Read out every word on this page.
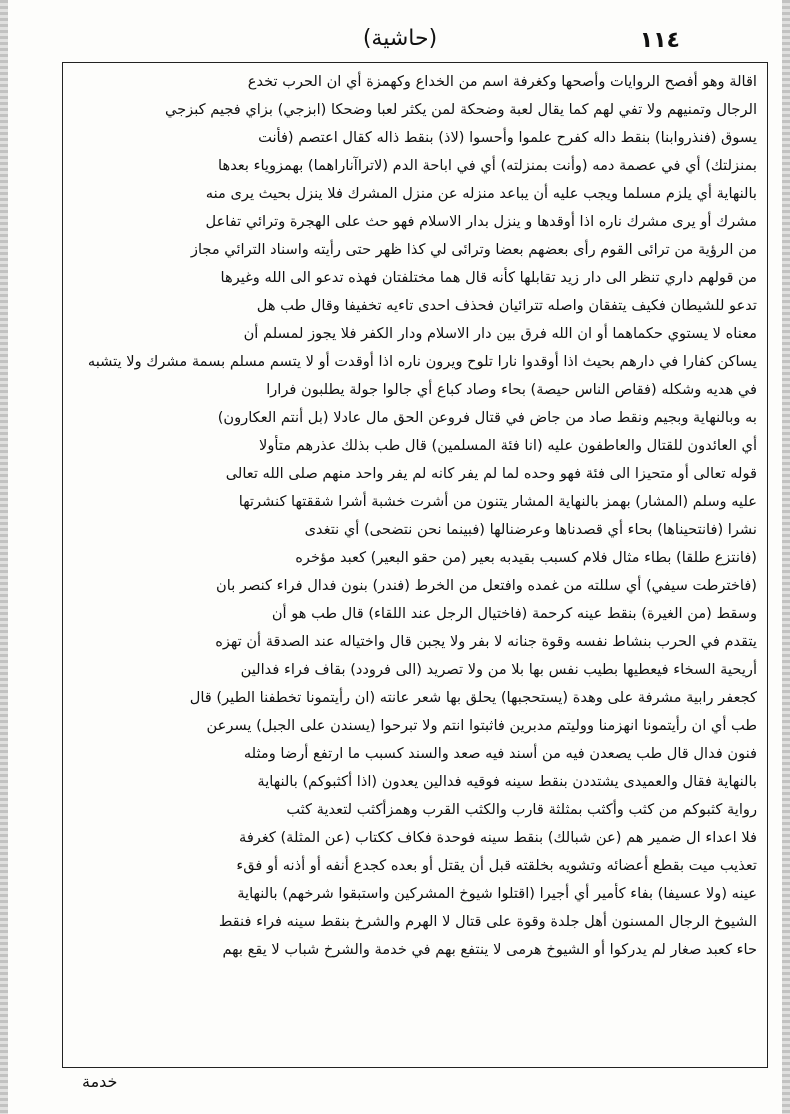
(حاشية)	١١٤
اقالة وهو أفصح الروايات وأصحها وكغرفة اسم من الخداع وكهمزة أي ان الحرب تخدع
الرجال وتمنيهم ولا تفي لهم كما يقال لعبة وضحكة لمن يكثر لعبا وضحكا (ابزجي) بزاي فجيم كبزجي
يسوق (فنذروابنا) بنقط داله كفرح علموا وأحسوا (لاذ) بنقط ذاله كقال اعتصم (فأنت
بمنزلتك) أي في عصمة دمه (وأنت بمنزلته) أي في اباحة الدم (لاتراآناراهما) بهمزوياء بعدها
بالنهاية أي يلزم مسلما ويجب عليه أن يباعد منزله عن منزل المشرك فلا ينزل بحيث يرى منه
مشرك أو يرى مشرك ناره اذا أوقدها و ينزل بدار الاسلام فهو حث على الهجرة وترائي تفاعل
من الرؤية من ترائى القوم رأى بعضهم بعضا وترائى لي كذا ظهر حتى رأيته واسناد الترائي مجاز
من قولهم داري تنظر الى دار زيد تقابلها كأنه قال هما مختلفتان فهذه تدعو الى الله وغيرها
تدعو للشيطان فكيف يتفقان واصله تترائيان فحذف احدى تاءيه تخفيفا وقال طب هل
معناه لا يستوي حكماهما أو ان الله فرق بين دار الاسلام ودار الكفر فلا يجوز لمسلم أن
يساكن كفارا في دارهم بحيث اذا أوقدوا نارا تلوح ويرون ناره اذا أوقدت أو لا يتسم مسلم بسمة مشرك ولا يتشبه
في هديه وشكله (فقاص الناس حيصة) بحاء وصاد كباع أي جالوا جولة يطلبون فرارا
به وبالنهاية وبجيم ونقط صاد من جاض في قتال فروعن الحق مال عادلا (بل أنتم العكارون)
أي العائدون للقتال والعاطفون عليه (انا فئة المسلمين) قال طب بذلك عذرهم متأولا
قوله تعالى أو متحيزا الى فئة فهو وحده لما لم يفر كانه لم يفر واحد منهم صلى الله تعالى
عليه وسلم (المشار) بهمز بالنهاية المشار يتنون من أشرت خشبة أشرا شققتها كنشرتها
نشرا (فانتحيناها) بحاء أي قصدناها وعرضنالها (فبينما نحن نتضحى) أي نتغدى
(فانتزع طلقا) بطاء مثال فلام كسبب بقيدبه بعير (من حقو البعير) كعبد مؤخره
(فاخترطت سيفي) أي سللته من غمده وافتعل من الخرط (فندر) بنون فدال فراء كنصر بان
وسقط (من الغيرة) بنقط عينه كرحمة (فاختيال الرجل عند اللقاء) قال طب هو أن
يتقدم في الحرب بنشاط نفسه وقوة جنانه لا بفر ولا يجبن قال واختياله عند الصدقة أن تهزه
أريحية السخاء فيعطيها بطيب نفس بها بلا من ولا تصريد (الى فرودد) بقاف فراء فدالين
كجعفر رابية مشرفة على وهدة (يستحجبها) يحلق بها شعر عانته (ان رأيتمونا تخطفنا الطير) قال
طب أي ان رأيتمونا انهزمنا ووليتم مدبرين فاثبتوا انتم ولا تبرحوا (يسندن على الجبل) يسرعن
فنون فدال قال طب يصعدن فيه من أسند فيه صعد والسند كسبب ما ارتفع أرضا ومثله
بالنهاية فقال والعميدى يشتددن بنقط سينه فوقيه فدالين يعدون (اذا أكثبوكم) بالنهاية
رواية كثبوكم من كثب وأكثب بمثلثة قارب والكثب القرب وهمزأكثب لتعدية كثب
فلا اعداء ال ضمير هم (عن شبالك) بنقط سينه فوحدة فكاف ككتاب (عن المثلة) كغرفة
تعذيب ميت بقطع أعضائه وتشويه بخلقته قبل أن يقتل أو بعده كجدع أنفه أو أذنه أو فقء
عينه (ولا عسيفا) بفاء كأمير أي أجيرا (اقتلوا شيوخ المشركين واستبقوا شرخهم) بالنهاية
الشيوخ الرجال المسنون أهل جلدة وقوة على قتال لا الهرم والشرخ بنقط سينه فراء فنقط
حاء كعبد صغار لم يدركوا أو الشيوخ هرمى لا ينتفع بهم في خدمة والشرخ شباب لا يقع بهم
خدمة
